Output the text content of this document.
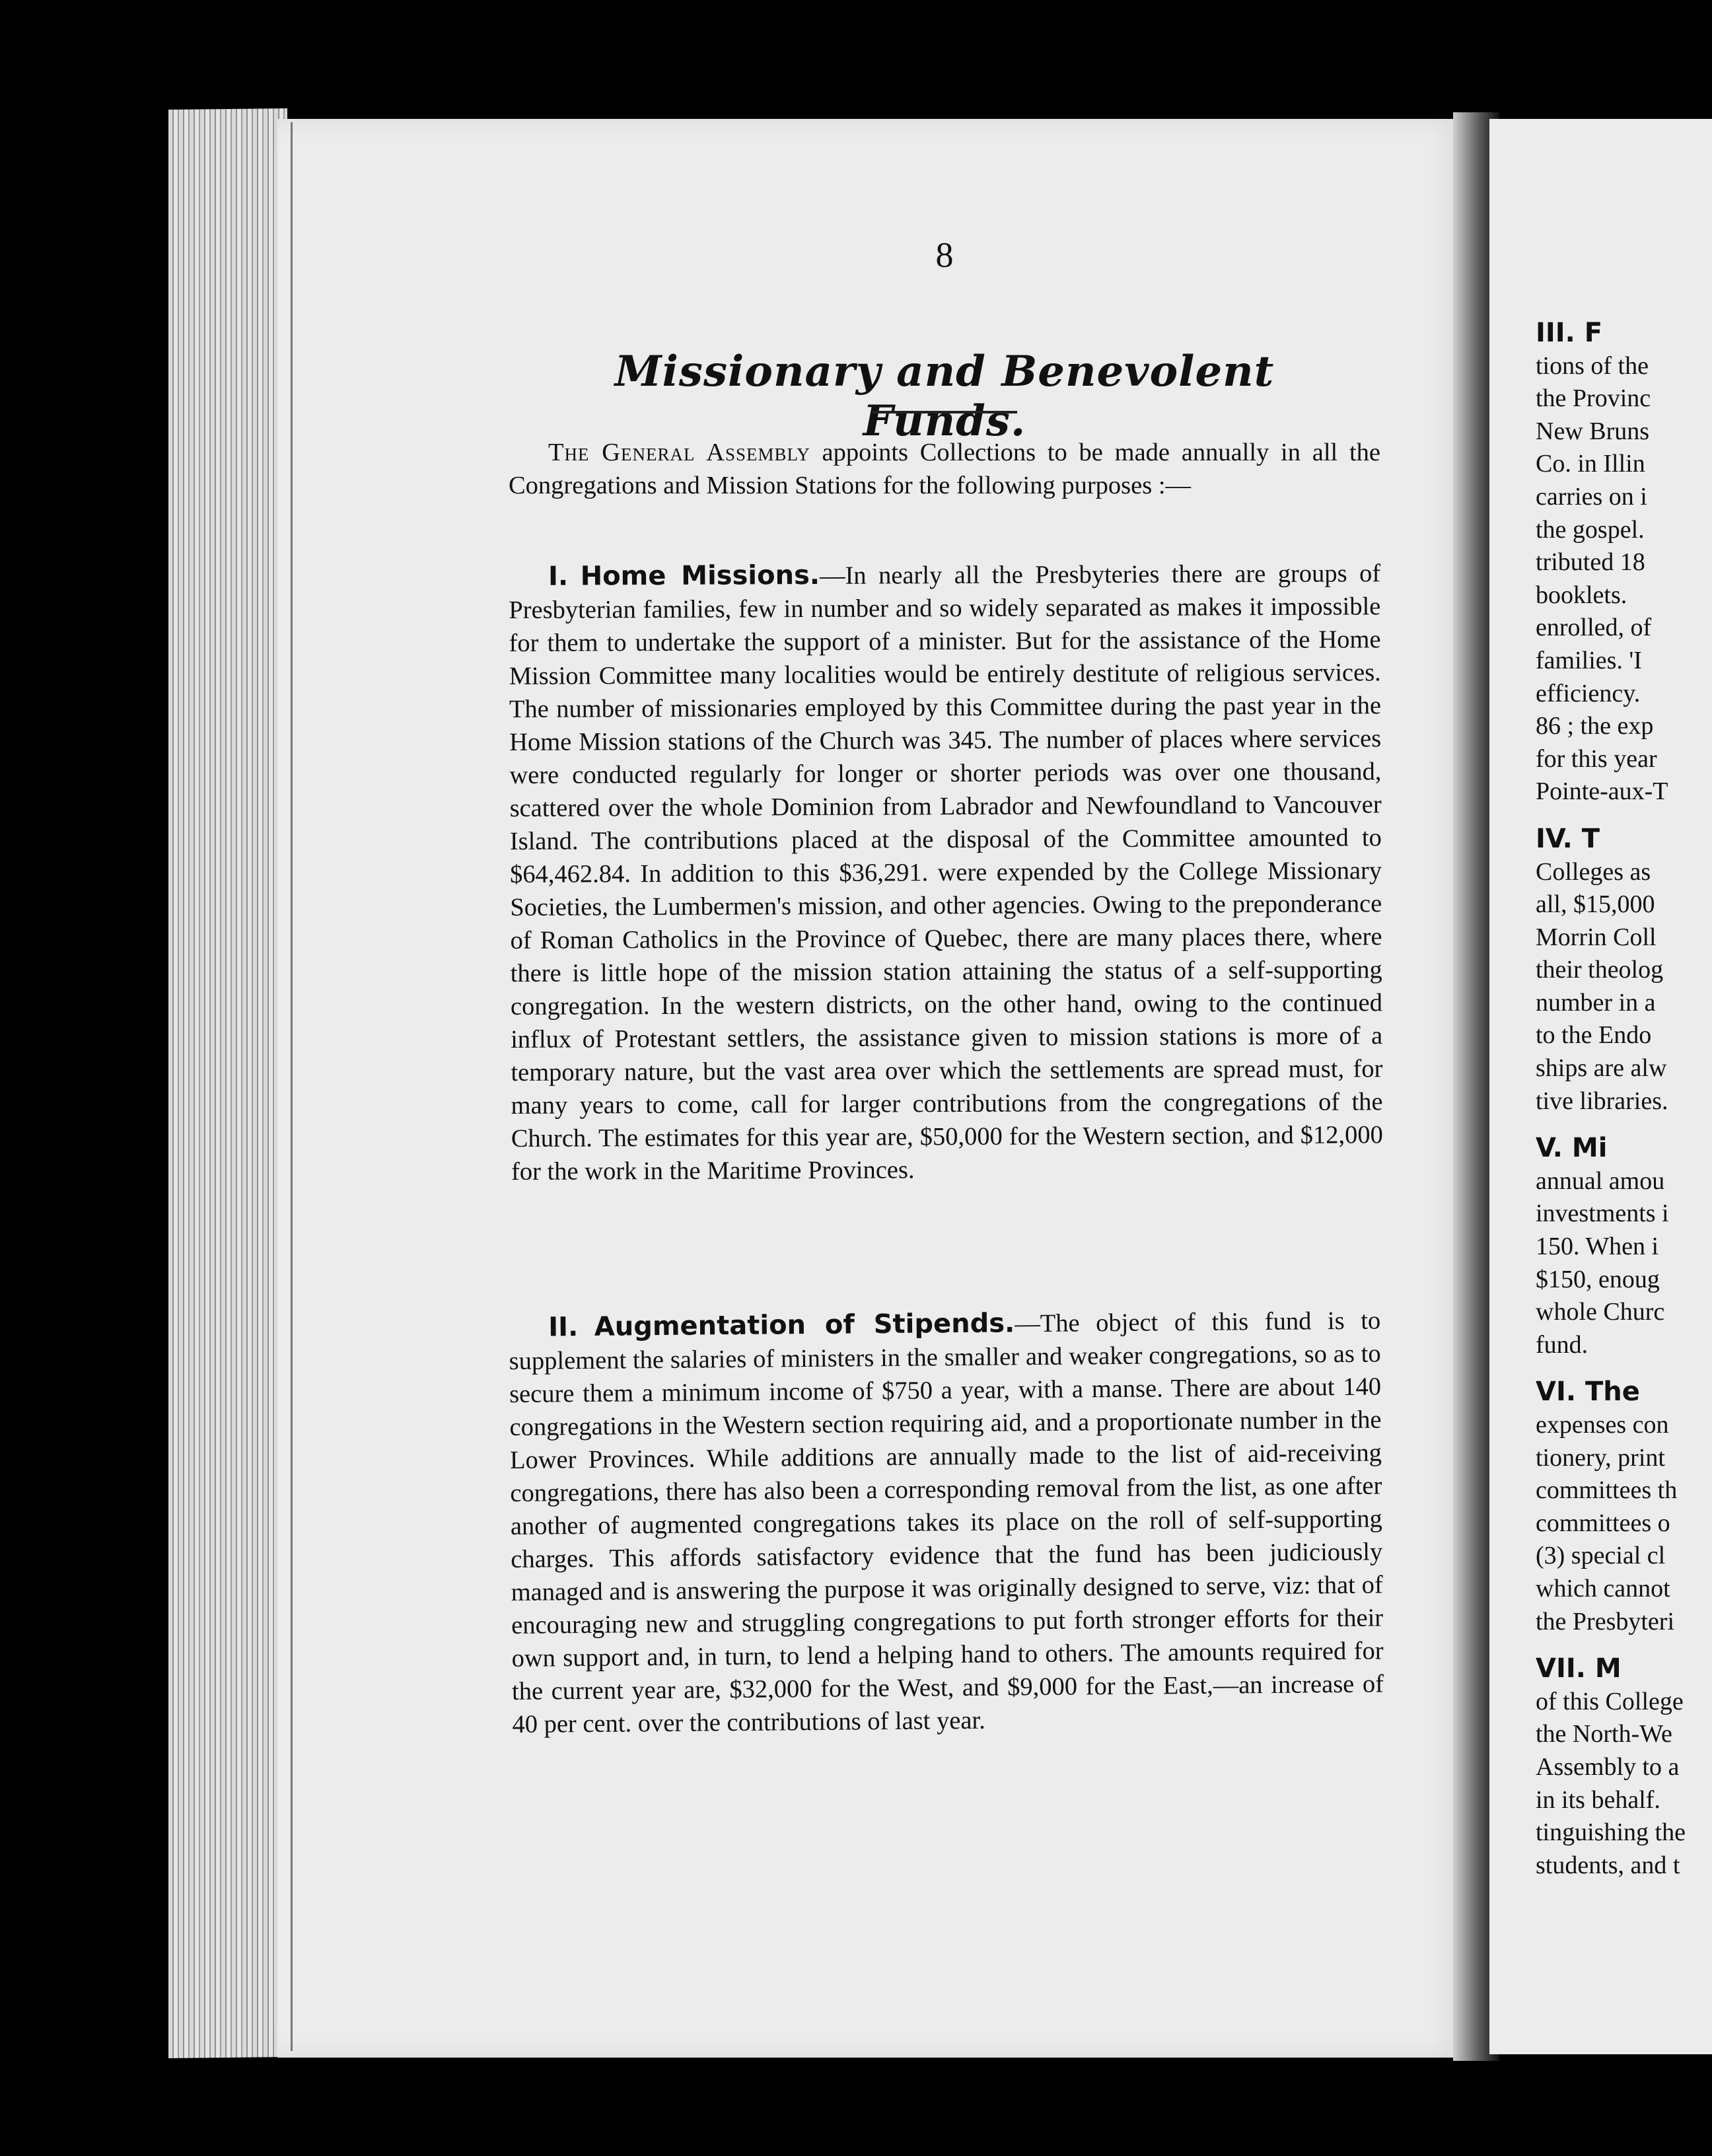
8
Missionary and Benevolent Funds.
The General Assembly appoints Collections to be made annually in all the Congregations and Mission Stations for the following purposes :—
I. Home Missions.—In nearly all the Presbyteries there are groups of Presbyterian families, few in number and so widely separated as makes it impossible for them to undertake the support of a minister. But for the assistance of the Home Mission Committee many localities would be entirely destitute of religious services. The number of missionaries employed by this Committee during the past year in the Home Mission stations of the Church was 345. The number of places where services were conducted regularly for longer or shorter periods was over one thousand, scattered over the whole Dominion from Labrador and Newfoundland to Vancouver Island. The contributions placed at the disposal of the Committee amounted to $64,462.84. In addition to this $36,291. were expended by the College Missionary Societies, the Lumbermen's mission, and other agencies. Owing to the preponderance of Roman Catholics in the Province of Quebec, there are many places there, where there is little hope of the mission station attaining the status of a self-supporting congregation. In the western districts, on the other hand, owing to the continued influx of Protestant settlers, the assistance given to mission stations is more of a temporary nature, but the vast area over which the settlements are spread must, for many years to come, call for larger contributions from the congregations of the Church. The estimates for this year are, $50,000 for the Western section, and $12,000 for the work in the Maritime Provinces.
II. Augmentation of Stipends.—The object of this fund is to supplement the salaries of ministers in the smaller and weaker congregations, so as to secure them a minimum income of $750 a year, with a manse. There are about 140 congregations in the Western section requiring aid, and a proportionate number in the Lower Provinces. While additions are annually made to the list of aid-receiving congregations, there has also been a corresponding removal from the list, as one after another of augmented congregations takes its place on the roll of self-supporting charges. This affords satisfactory evidence that the fund has been judiciously managed and is answering the purpose it was originally designed to serve, viz: that of encouraging new and struggling congregations to put forth stronger efforts for their own support and, in turn, to lend a helping hand to others. The amounts required for the current year are, $32,000 for the West, and $9,000 for the East,—an increase of 40 per cent. over the contributions of last year.
III. F
tions of the
the Provinc
New Bruns
Co. in Illin
carries on i
the gospel.
tributed 18
booklets.
enrolled, of
families. 'I
efficiency.
86 ; the exp
for this year
Pointe-aux-T
IV. T
Colleges as
all, $15,000
Morrin Coll
their theolog
number in a
to the Endo
ships are alw
tive libraries.
V. Mi
annual amou
investments i
150. When i
$150, enoug
whole Churc
fund.
VI. The
expenses con
tionery, print
committees th
committees o
(3) special cl
which cannot
the Presbyteri
VII. M
of this College
the North-We
Assembly to a
in its behalf.
tinguishing the
students, and t
